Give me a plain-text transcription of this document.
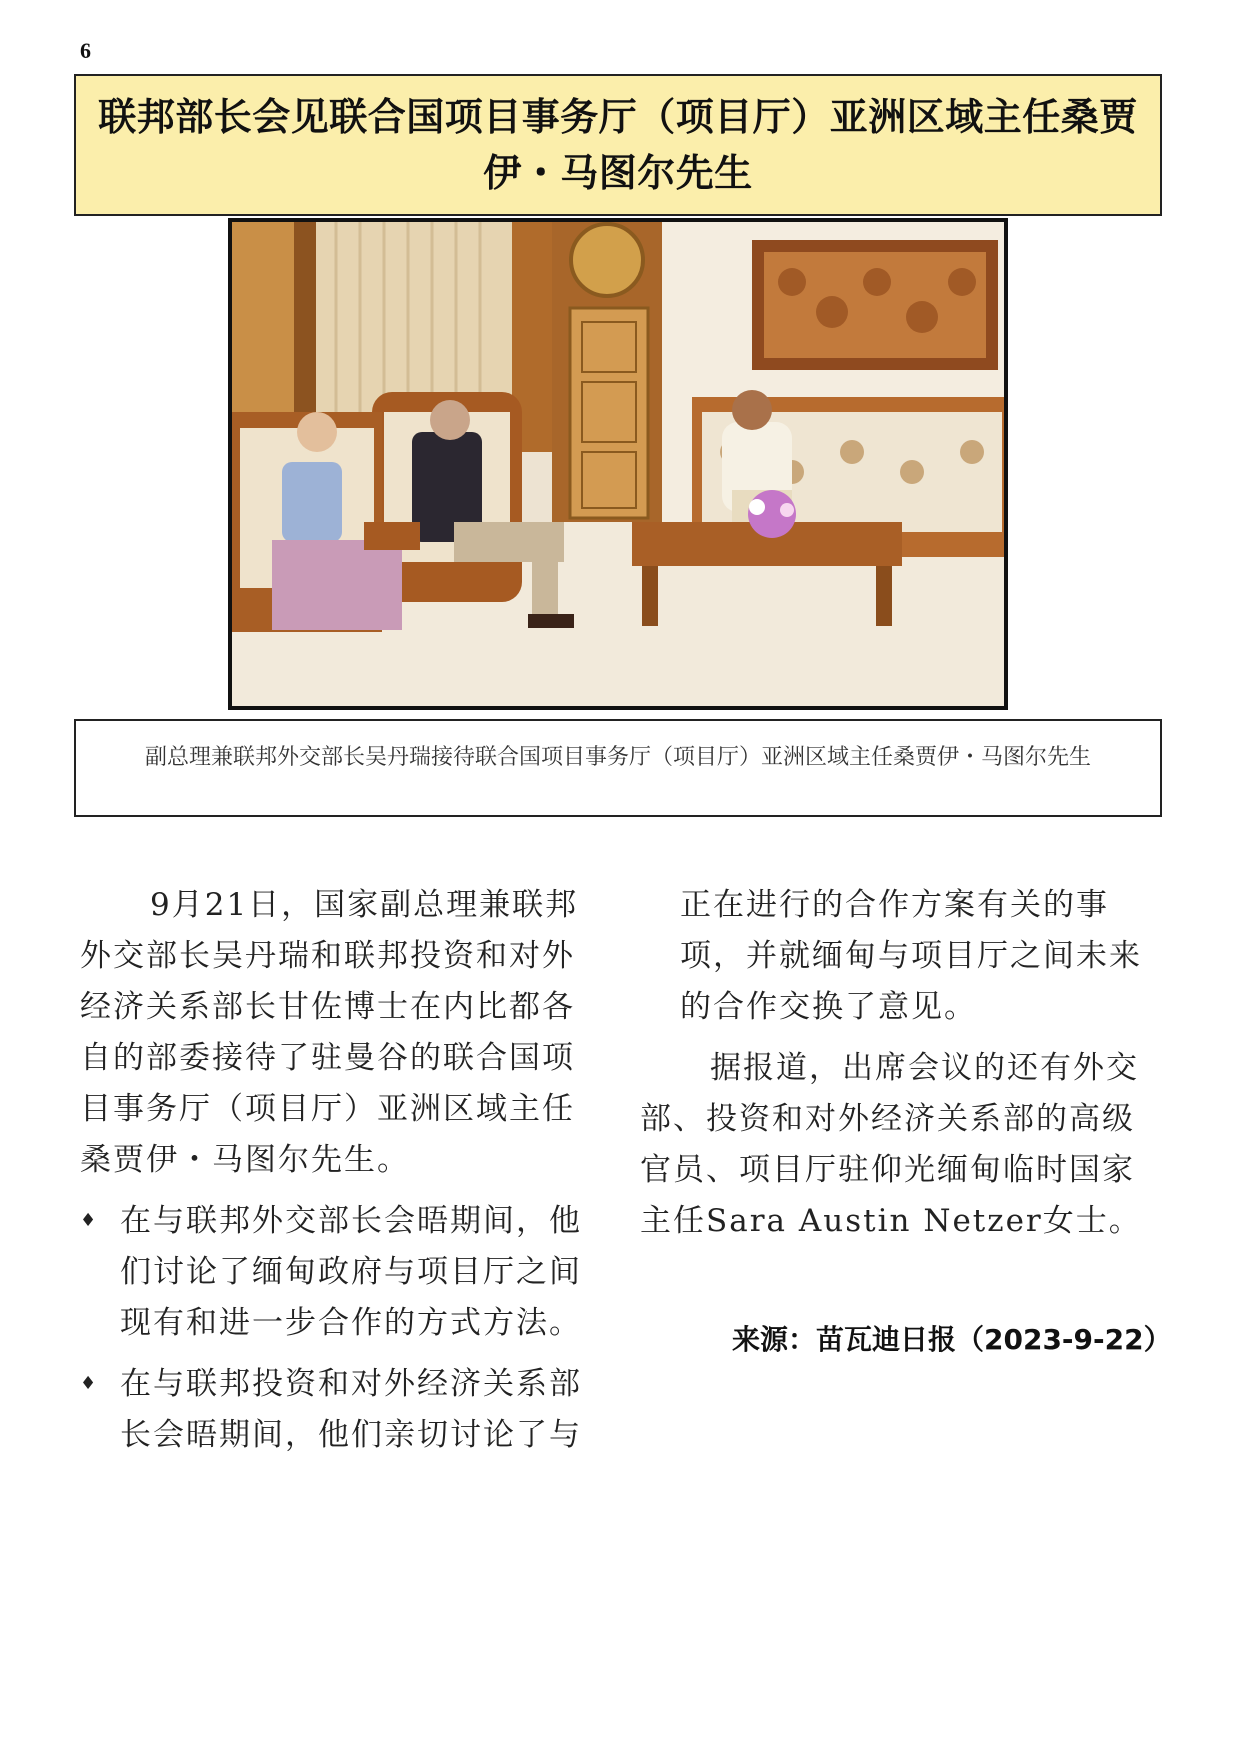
6
联邦部长会见联合国项目事务厅（项目厅）亚洲区域主任桑贾伊・马图尔先生
副总理兼联邦外交部长吴丹瑞接待联合国项目事务厅（项目厅）亚洲区域主任桑贾伊・马图尔先生

9月21日，国家副总理兼联邦外交部长吴丹瑞和联邦投资和对外经济关系部长甘佐博士在内比都各自的部委接待了驻曼谷的联合国项目事务厅（项目厅）亚洲区域主任桑贾伊・马图尔先生。

♦ 在与联邦外交部长会晤期间，他们讨论了缅甸政府与项目厅之间现有和进一步合作的方式方法。

♦ 在与联邦投资和对外经济关系部长会晤期间，他们亲切讨论了与

正在进行的合作方案有关的事项，并就缅甸与项目厅之间未来的合作交换了意见。

据报道，出席会议的还有外交部、投资和对外经济关系部的高级官员、项目厅驻仰光缅甸临时国家主任Sara Austin Netzer女士。

来源：苗瓦迪日报（2023-9-22）
